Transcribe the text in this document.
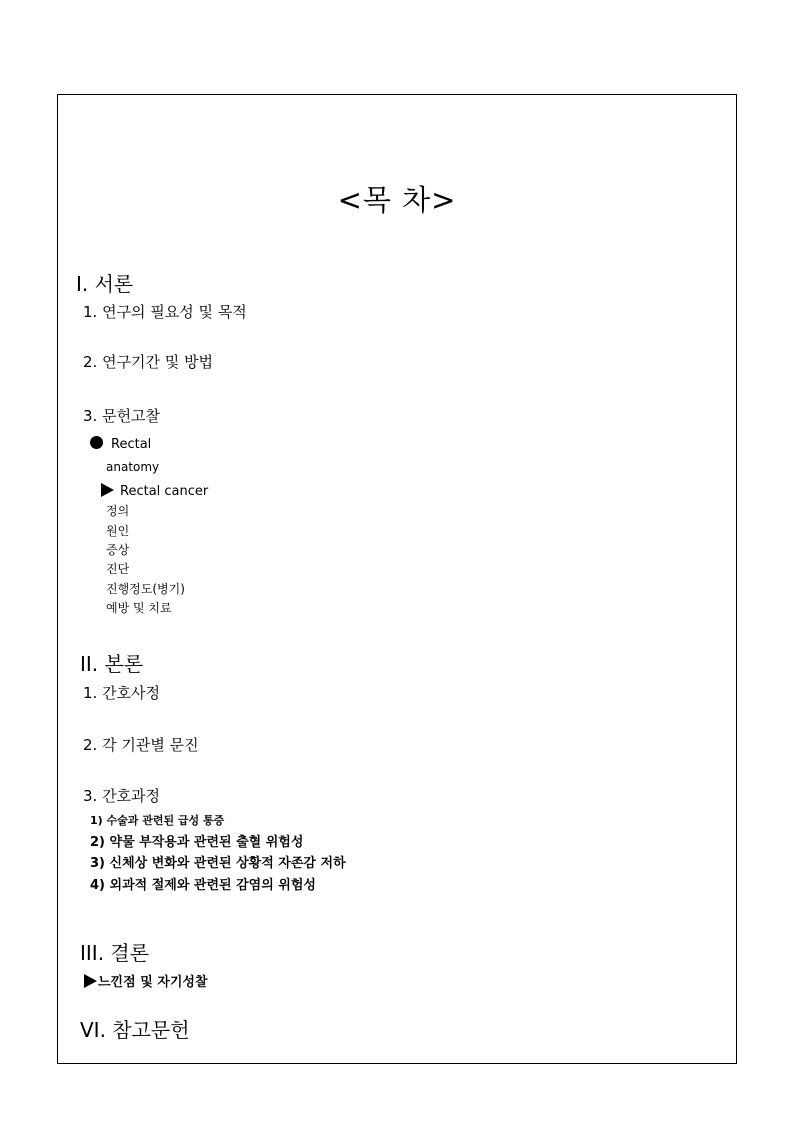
<목 차>
I. 서론
1. 연구의 필요성 및 목적
2. 연구기간 및 방법
3. 문헌고찰
Rectal
anatomy
Rectal cancer
정의
원인
증상
진단
진행정도(병기)
예방 및 치료
II. 본론
1. 간호사정
2. 각 기관별 문진
3. 간호과정
1) 수술과 관련된 급성 통증
2) 약물 부작용과 관련된 출혈 위험성
3) 신체상 변화와 관련된 상황적 자존감 저하
4) 외과적 절제와 관련된 감염의 위험성
III. 결론
느낀점 및 자기성찰
VI. 참고문헌
